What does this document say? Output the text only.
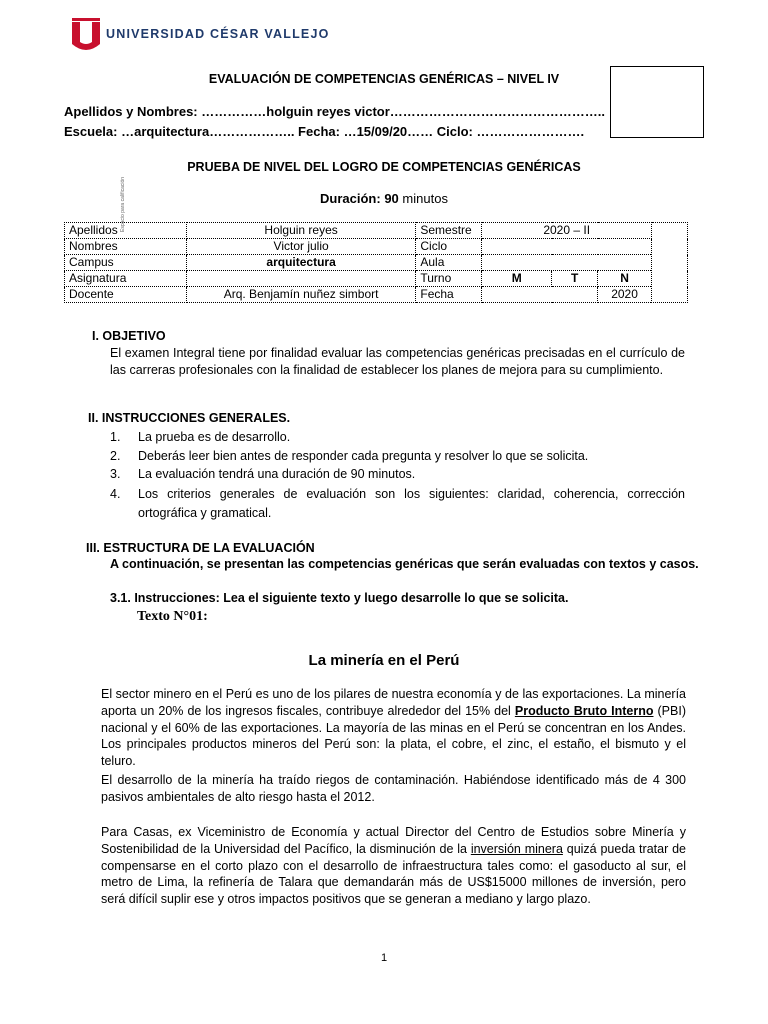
UNIVERSIDAD CÉSAR VALLEJO
EVALUACIÓN DE COMPETENCIAS GENÉRICAS – NIVEL IV
Apellidos y Nombres: ……………holguin reyes victor…………………………………………..
Escuela: …arquitectura……………….. Fecha: …15/09/20…… Ciclo: …………………….
PRUEBA DE NIVEL DEL LOGRO DE COMPETENCIAS GENÉRICAS
Duración: 90 minutos
Apellidos	Holguin reyes	Semestre	2020 – II			
Nombres	Victor julio	Ciclo				
Campus	arquitectura	Aula				
Asignatura		Turno	M	T	N	
Docente	Arq. Benjamín nuñez simbort	Fecha			2020	
Espacio para calificación
I. OBJETIVO
El examen Integral tiene por finalidad evaluar las competencias genéricas precisadas en el currículo de las carreras profesionales con la finalidad de establecer los planes de mejora para su cumplimiento.
II. INSTRUCCIONES GENERALES.
1. La prueba es de desarrollo.
2. Deberás leer bien antes de responder cada pregunta y resolver lo que se solicita.
3. La evaluación tendrá una duración de 90 minutos.
4. Los criterios generales de evaluación son los siguientes: claridad, coherencia, corrección ortográfica y gramatical.
III. ESTRUCTURA DE LA EVALUACIÓN
A continuación, se presentan las competencias genéricas que serán evaluadas con textos y casos.
3.1. Instrucciones: Lea el siguiente texto y luego desarrolle lo que se solicita.
Texto N°01:
La minería en el Perú
El sector minero en el Perú es uno de los pilares de nuestra economía y de las exportaciones. La minería aporta un 20% de los ingresos fiscales, contribuye alrededor del 15% del Producto Bruto Interno (PBI) nacional y el 60% de las exportaciones. La mayoría de las minas en el Perú se concentran en los Andes. Los principales productos mineros del Perú son: la plata, el cobre, el zinc, el estaño, el bismuto y el teluro.
El desarrollo de la minería ha traído riegos de contaminación. Habiéndose identificado más de 4 300 pasivos ambientales de alto riesgo hasta el 2012.
Para Casas, ex Viceministro de Economía y actual Director del Centro de Estudios sobre Minería y Sostenibilidad de la Universidad del Pacífico, la disminución de la inversión minera quizá pueda tratar de compensarse en el corto plazo con el desarrollo de infraestructura tales como: el gasoducto al sur, el metro de Lima, la refinería de Talara que demandarán más de US$15000 millones de inversión, pero será difícil suplir ese y otros impactos positivos que se generan a mediano y largo plazo.
1
